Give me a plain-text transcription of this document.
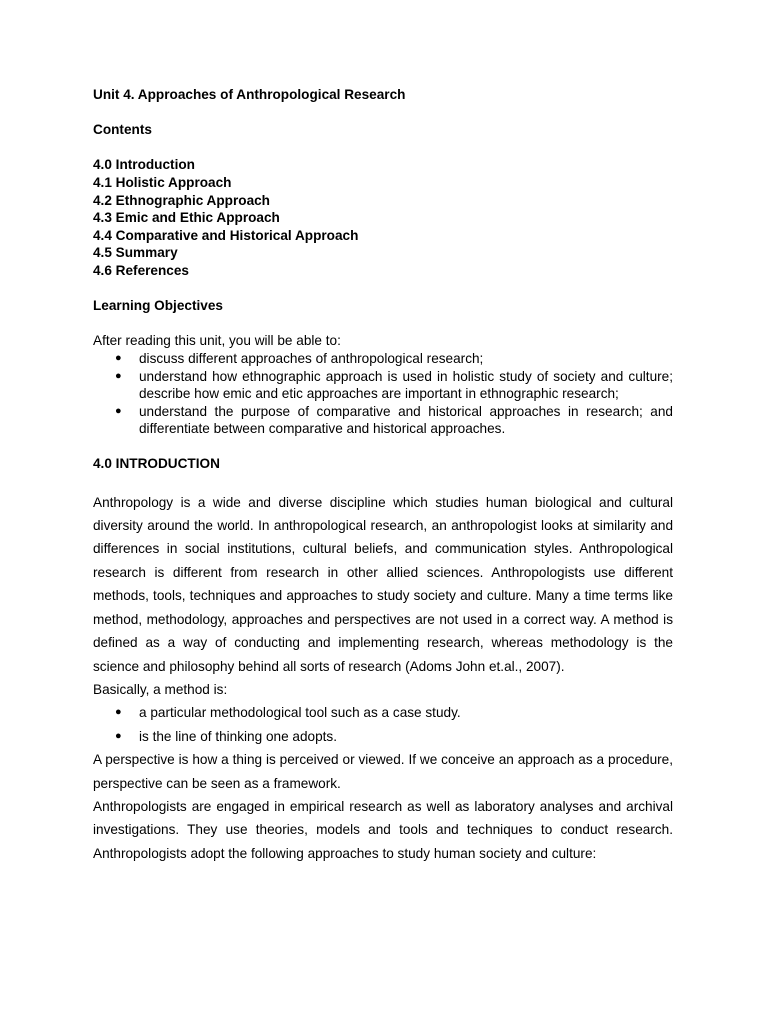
Unit 4. Approaches of Anthropological Research

Contents

4.0 Introduction

4.1 Holistic Approach

4.2 Ethnographic Approach

4.3 Emic and Ethic Approach

4.4 Comparative and Historical Approach

4.5 Summary

4.6 References

Learning Objectives

After reading this unit, you will be able to:

● discuss different approaches of anthropological research;
● understand how ethnographic approach is used in holistic study of society and culture; describe how emic and etic approaches are important in ethnographic research;
● understand the purpose of comparative and historical approaches in research; and differentiate between comparative and historical approaches.

4.0 INTRODUCTION

Anthropology is a wide and diverse discipline which studies human biological and cultural diversity around the world. In anthropological research, an anthropologist looks at similarity and differences in social institutions, cultural beliefs, and communication styles. Anthropological research is different from research in other allied sciences. Anthropologists use different methods, tools, techniques and approaches to study society and culture. Many a time terms like method, methodology, approaches and perspectives are not used in a correct way. A method is defined as a way of conducting and implementing research, whereas methodology is the science and philosophy behind all sorts of research (Adoms John et.al., 2007).

Basically, a method is:

● a particular methodological tool such as a case study.
● is the line of thinking one adopts.

A perspective is how a thing is perceived or viewed. If we conceive an approach as a procedure, perspective can be seen as a framework.

Anthropologists are engaged in empirical research as well as laboratory analyses and archival investigations. They use theories, models and tools and techniques to conduct research. Anthropologists adopt the following approaches to study human society and culture:
